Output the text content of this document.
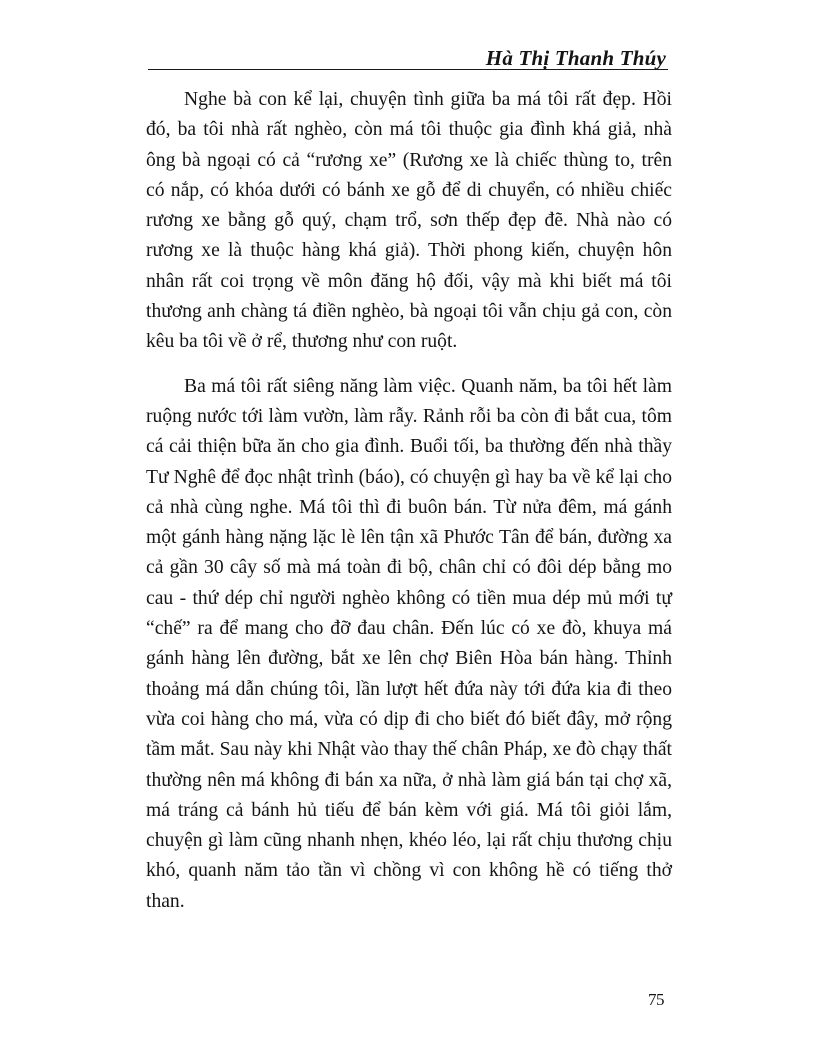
Hà Thị Thanh Thúy

Nghe bà con kể lại, chuyện tình giữa ba má tôi rất đẹp. Hồi đó, ba tôi nhà rất nghèo, còn má tôi thuộc gia đình khá giả, nhà ông bà ngoại có cả “rương xe” (Rương xe là chiếc thùng to, trên có nắp, có khóa dưới có bánh xe gỗ để di chuyển, có nhiều chiếc rương xe bằng gỗ quý, chạm trổ, sơn thếp đẹp đẽ. Nhà nào có rương xe là thuộc hàng khá giả). Thời phong kiến, chuyện hôn nhân rất coi trọng về môn đăng hộ đối, vậy mà khi biết má tôi thương anh chàng tá điền nghèo, bà ngoại tôi vẫn chịu gả con, còn kêu ba tôi về ở rể, thương như con ruột.

Ba má tôi rất siêng năng làm việc. Quanh năm, ba tôi hết làm ruộng nước tới làm vườn, làm rẫy. Rảnh rỗi ba còn đi bắt cua, tôm cá cải thiện bữa ăn cho gia đình. Buổi tối, ba thường đến nhà thầy Tư Nghê để đọc nhật trình (báo), có chuyện gì hay ba về kể lại cho cả nhà cùng nghe. Má tôi thì đi buôn bán. Từ nửa đêm, má gánh một gánh hàng nặng lặc lè lên tận xã Phước Tân để bán, đường xa cả gần 30 cây số mà má toàn đi bộ, chân chỉ có đôi dép bằng mo cau - thứ dép chỉ người nghèo không có tiền mua dép mủ mới tự “chế” ra để mang cho đỡ đau chân. Đến lúc có xe đò, khuya má gánh hàng lên đường, bắt xe lên chợ Biên Hòa bán hàng. Thỉnh thoảng má dẫn chúng tôi, lần lượt hết đứa này tới đứa kia đi theo vừa coi hàng cho má, vừa có dịp đi cho biết đó biết đây, mở rộng tầm mắt. Sau này khi Nhật vào thay thế chân Pháp, xe đò chạy thất thường nên má không đi bán xa nữa, ở nhà làm giá bán tại chợ xã, má tráng cả bánh hủ tiếu để bán kèm với giá. Má tôi giỏi lắm, chuyện gì làm cũng nhanh nhẹn, khéo léo, lại rất chịu thương chịu khó, quanh năm tảo tần vì chồng vì con không hề có tiếng thở than.

75
